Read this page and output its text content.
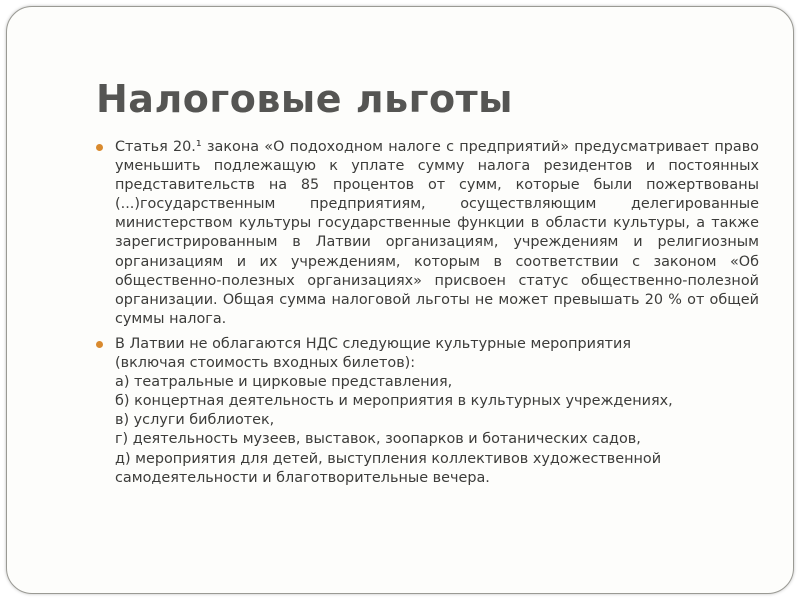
Налоговые льготы
Статья 20.¹ закона «О подоходном налоге с предприятий» предусматривает право уменьшить подлежащую к уплате сумму налога резидентов и постоянных представительств на 85 процентов от сумм, которые были пожертвованы (...)государственным предприятиям, осуществляющим делегированные министерством культуры государственные функции в области культуры, а также зарегистрированным в Латвии организациям, учреждениям и религиозным организациям и их учреждениям, которым в соответствии с законом «Об общественно-полезных организациях» присвоен статус общественно-полезной организации. Общая сумма налоговой льготы не может превышать 20 % от общей суммы налога.
В Латвии не облагаются НДС следующие культурные мероприятия
(включая стоимость входных билетов):
а) театральные и цирковые представления,
б) концертная деятельность и мероприятия в культурных учреждениях,
в) услуги библиотек,
г) деятельность музеев, выставок, зоопарков и ботанических садов,
д) мероприятия для детей, выступления коллективов художественной
самодеятельности и благотворительные вечера.
